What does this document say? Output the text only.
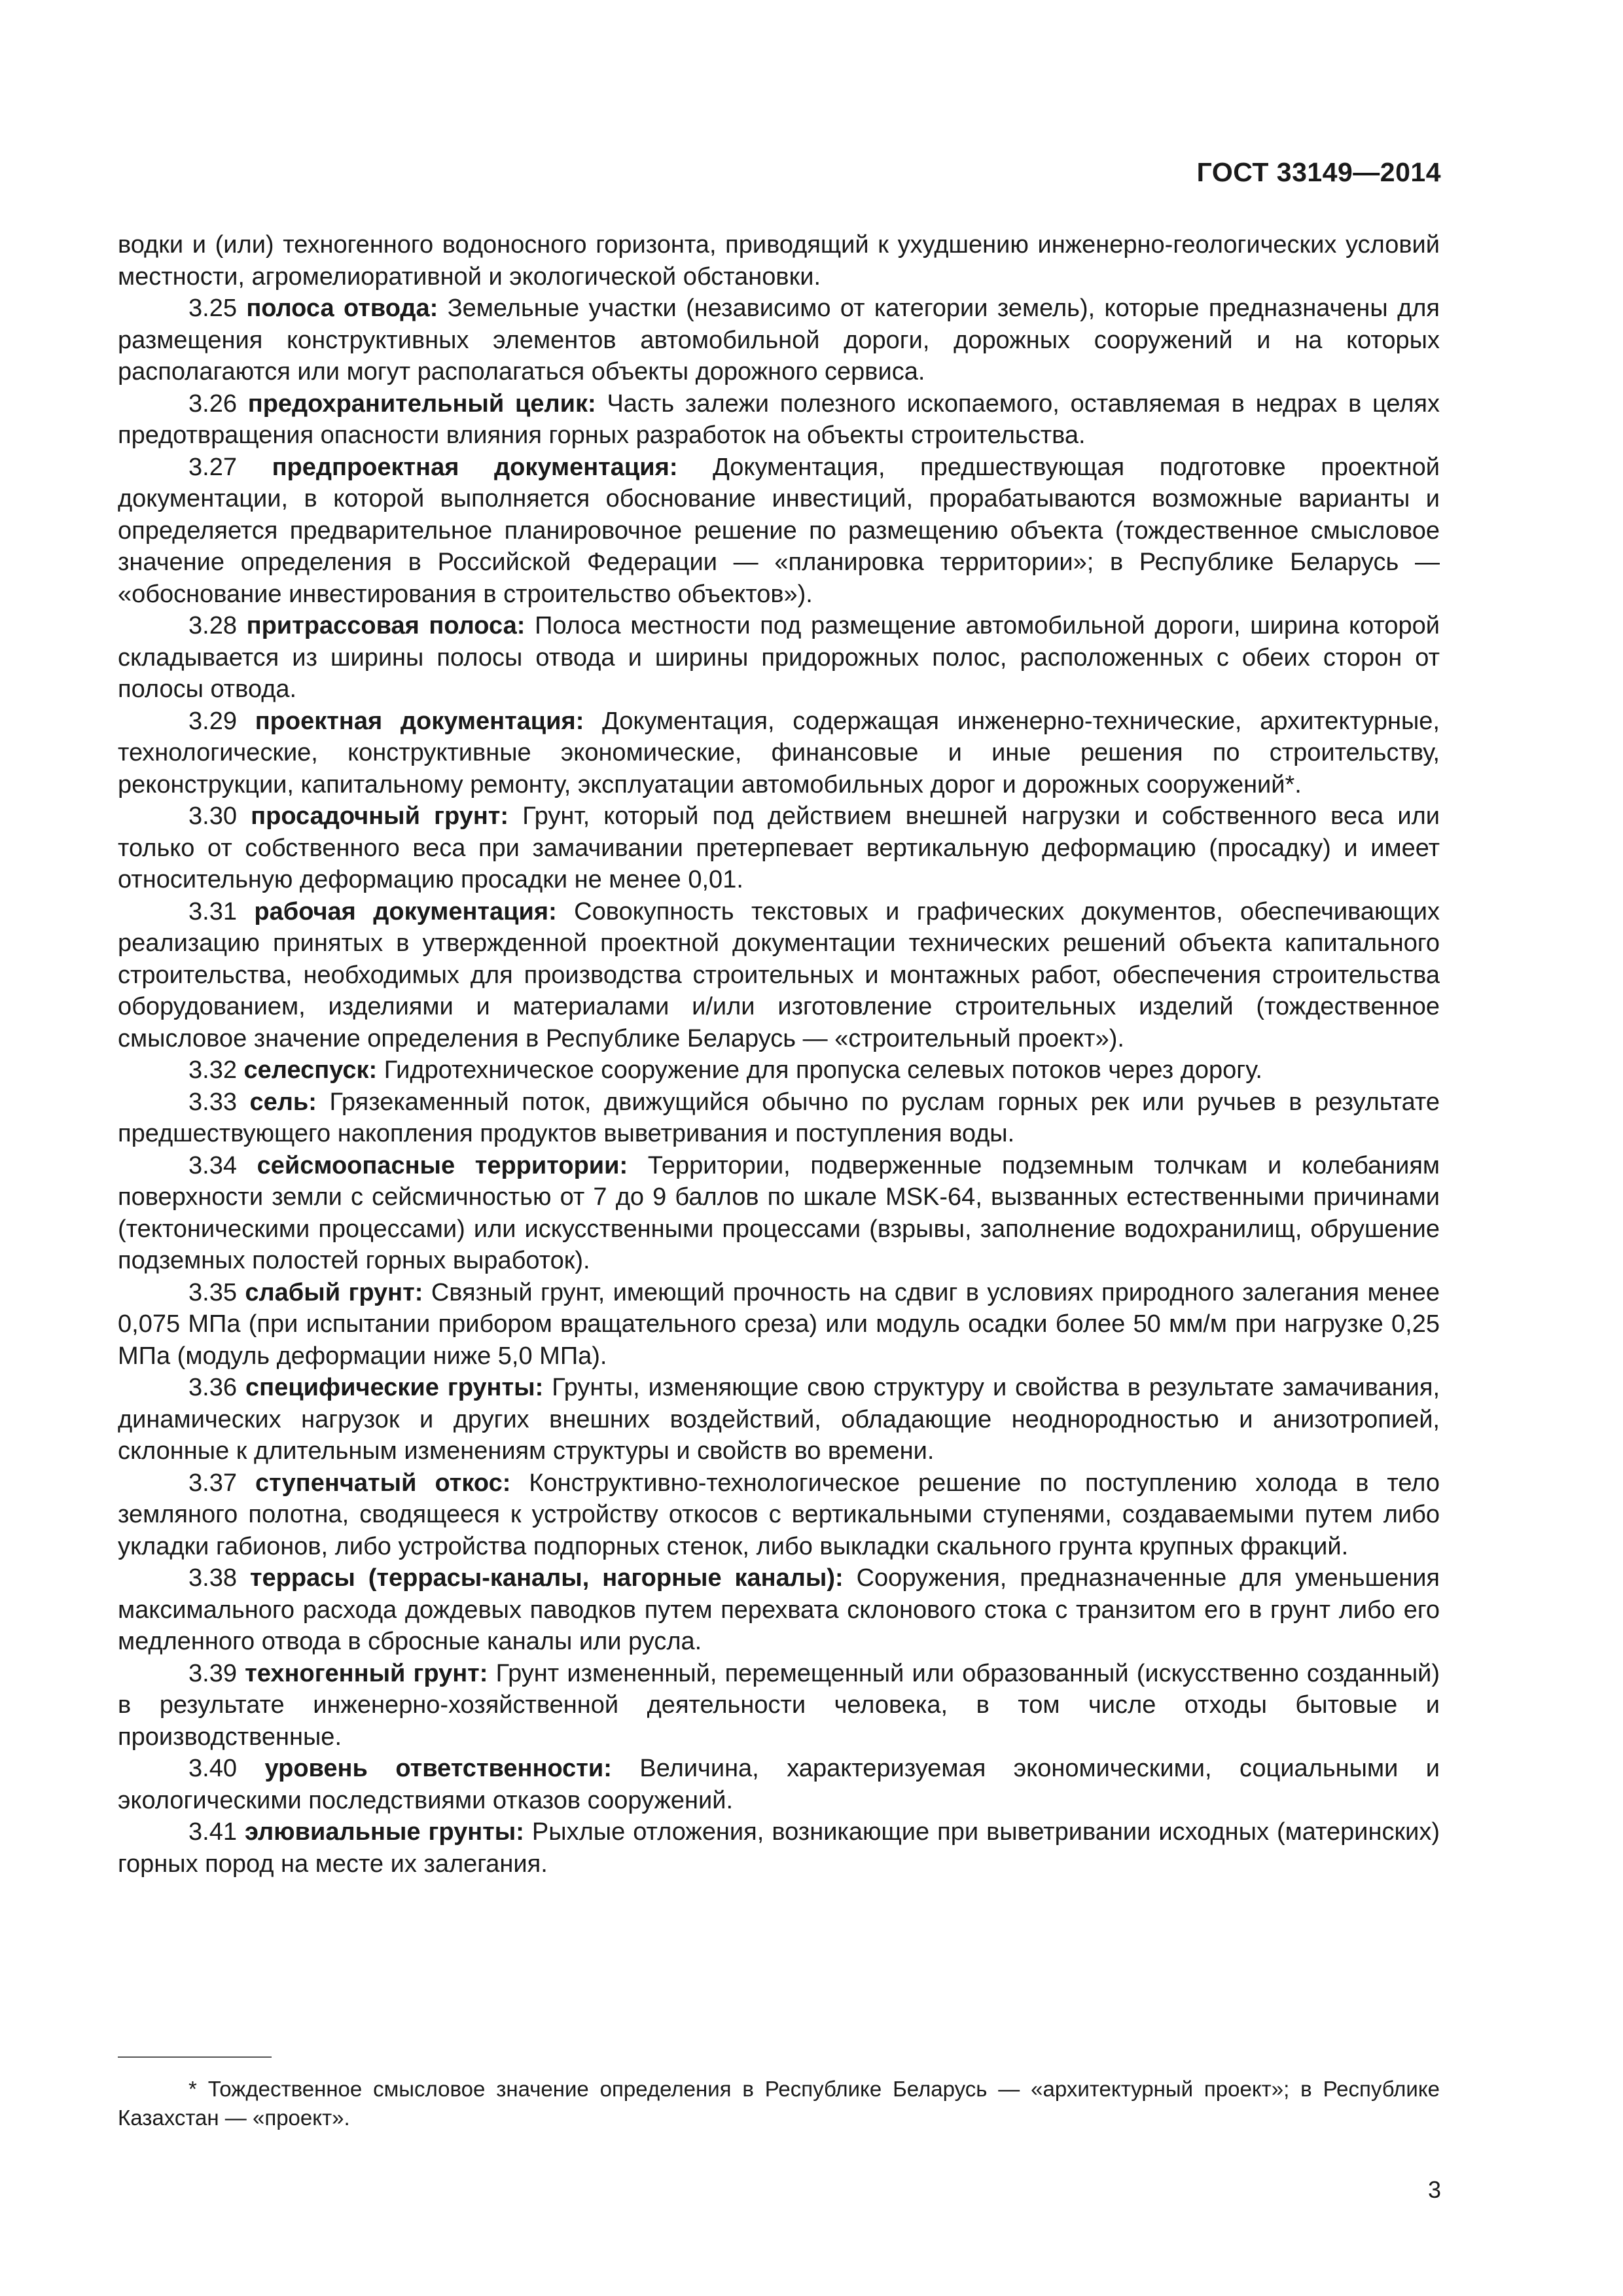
ГОСТ 33149—2014

водки и (или) техногенного водоносного горизонта, приводящий к ухудшению инженерно-геологических условий местности, агромелиоративной и экологической обстановки.

3.25 полоса отвода: Земельные участки (независимо от категории земель), которые предназначены для размещения конструктивных элементов автомобильной дороги, дорожных сооружений и на которых располагаются или могут располагаться объекты дорожного сервиса.

3.26 предохранительный целик: Часть залежи полезного ископаемого, оставляемая в недрах в целях предотвращения опасности влияния горных разработок на объекты строительства.

3.27 предпроектная документация: Документация, предшествующая подготовке проектной документации, в которой выполняется обоснование инвестиций, прорабатываются возможные варианты и определяется предварительное планировочное решение по размещению объекта (тождественное смысловое значение определения в Российской Федерации — «планировка территории»; в Республике Беларусь — «обоснование инвестирования в строительство объектов»).

3.28 притрассовая полоса: Полоса местности под размещение автомобильной дороги, ширина которой складывается из ширины полосы отвода и ширины придорожных полос, расположенных с обеих сторон от полосы отвода.

3.29 проектная документация: Документация, содержащая инженерно-технические, архитектурные, технологические, конструктивные экономические, финансовые и иные решения по строительству, реконструкции, капитальному ремонту, эксплуатации автомобильных дорог и дорожных сооружений*.

3.30 просадочный грунт: Грунт, который под действием внешней нагрузки и собственного веса или только от собственного веса при замачивании претерпевает вертикальную деформацию (просадку) и имеет относительную деформацию просадки не менее 0,01.

3.31 рабочая документация: Совокупность текстовых и графических документов, обеспечивающих реализацию принятых в утвержденной проектной документации технических решений объекта капитального строительства, необходимых для производства строительных и монтажных работ, обеспечения строительства оборудованием, изделиями и материалами и/или изготовление строительных изделий (тождественное смысловое значение определения в Республике Беларусь — «строительный проект»).

3.32 селеспуск: Гидротехническое сооружение для пропуска селевых потоков через дорогу.

3.33 сель: Грязекаменный поток, движущийся обычно по руслам горных рек или ручьев в результате предшествующего накопления продуктов выветривания и поступления воды.

3.34 сейсмоопасные территории: Территории, подверженные подземным толчкам и колебаниям поверхности земли с сейсмичностью от 7 до 9 баллов по шкале MSK-64, вызванных естественными причинами (тектоническими процессами) или искусственными процессами (взрывы, заполнение водохранилищ, обрушение подземных полостей горных выработок).

3.35 слабый грунт: Связный грунт, имеющий прочность на сдвиг в условиях природного залегания менее 0,075 МПа (при испытании прибором вращательного среза) или модуль осадки более 50 мм/м при нагрузке 0,25 МПа (модуль деформации ниже 5,0 МПа).

3.36 специфические грунты: Грунты, изменяющие свою структуру и свойства в результате замачивания, динамических нагрузок и других внешних воздействий, обладающие неоднородностью и анизотропией, склонные к длительным изменениям структуры и свойств во времени.

3.37 ступенчатый откос: Конструктивно-технологическое решение по поступлению холода в тело земляного полотна, сводящееся к устройству откосов с вертикальными ступенями, создаваемыми путем либо укладки габионов, либо устройства подпорных стенок, либо выкладки скального грунта крупных фракций.

3.38 террасы (террасы-каналы, нагорные каналы): Сооружения, предназначенные для уменьшения максимального расхода дождевых паводков путем перехвата склонового стока с транзитом его в грунт либо его медленного отвода в сбросные каналы или русла.

3.39 техногенный грунт: Грунт измененный, перемещенный или образованный (искусственно созданный) в результате инженерно-хозяйственной деятельности человека, в том числе отходы бытовые и производственные.

3.40 уровень ответственности: Величина, характеризуемая экономическими, социальными и экологическими последствиями отказов сооружений.

3.41 элювиальные грунты: Рыхлые отложения, возникающие при выветривании исходных (материнских) горных пород на месте их залегания.

* Тождественное смысловое значение определения в Республике Беларусь — «архитектурный проект»; в Республике Казахстан — «проект».
3
